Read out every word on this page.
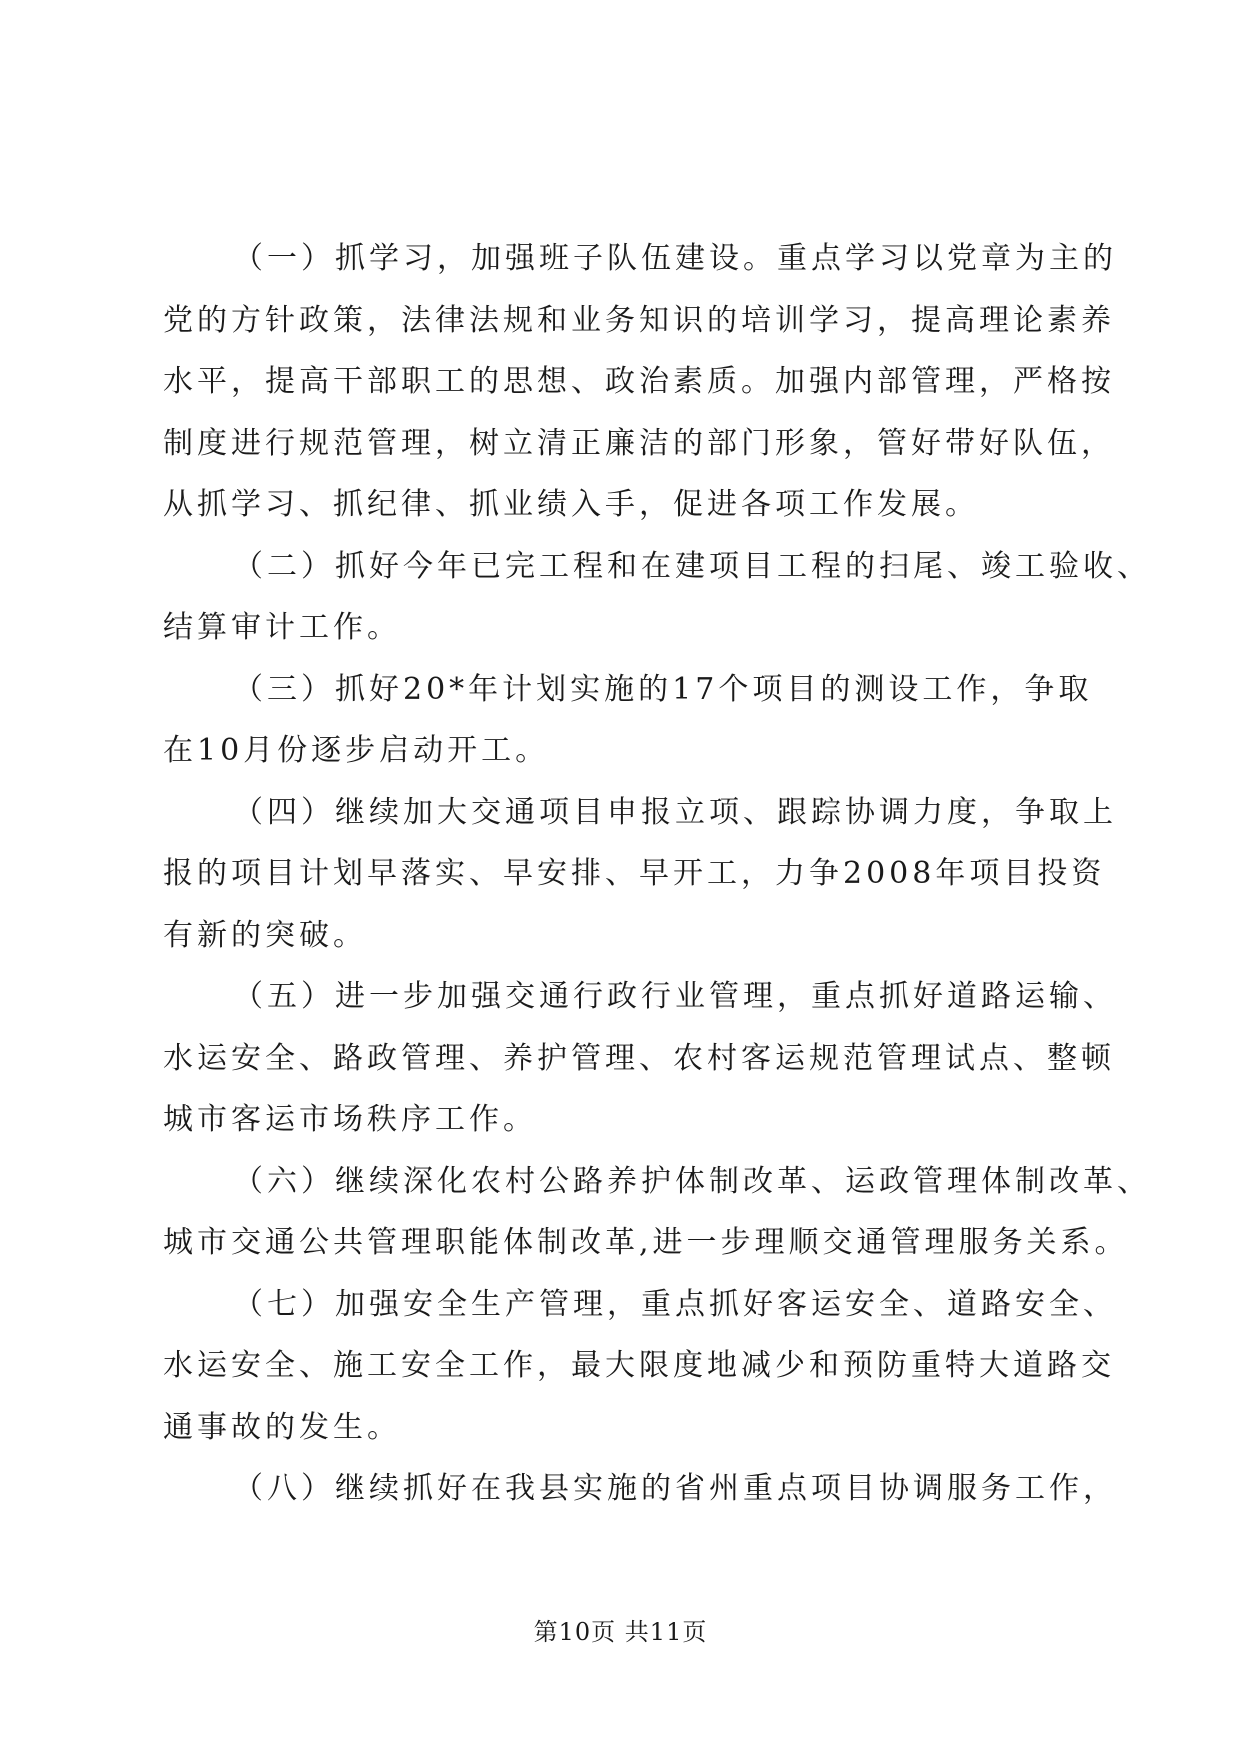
（一）抓学习，加强班子队伍建设。重点学习以党章为主的
党的方针政策，法律法规和业务知识的培训学习，提高理论素养
水平，提高干部职工的思想、政治素质。加强内部管理，严格按
制度进行规范管理，树立清正廉洁的部门形象，管好带好队伍，
从抓学习、抓纪律、抓业绩入手，促进各项工作发展。

（二）抓好今年已完工程和在建项目工程的扫尾、竣工验收、
结算审计工作。

（三）抓好20*年计划实施的17个项目的测设工作，争取
在10月份逐步启动开工。

（四）继续加大交通项目申报立项、跟踪协调力度，争取上
报的项目计划早落实、早安排、早开工，力争2008年项目投资
有新的突破。

（五）进一步加强交通行政行业管理，重点抓好道路运输、
水运安全、路政管理、养护管理、农村客运规范管理试点、整顿
城市客运市场秩序工作。

（六）继续深化农村公路养护体制改革、运政管理体制改革、
城市交通公共管理职能体制改革,进一步理顺交通管理服务关系。

（七）加强安全生产管理，重点抓好客运安全、道路安全、
水运安全、施工安全工作，最大限度地减少和预防重特大道路交
通事故的发生。

（八）继续抓好在我县实施的省州重点项目协调服务工作，

第10页 共11页
